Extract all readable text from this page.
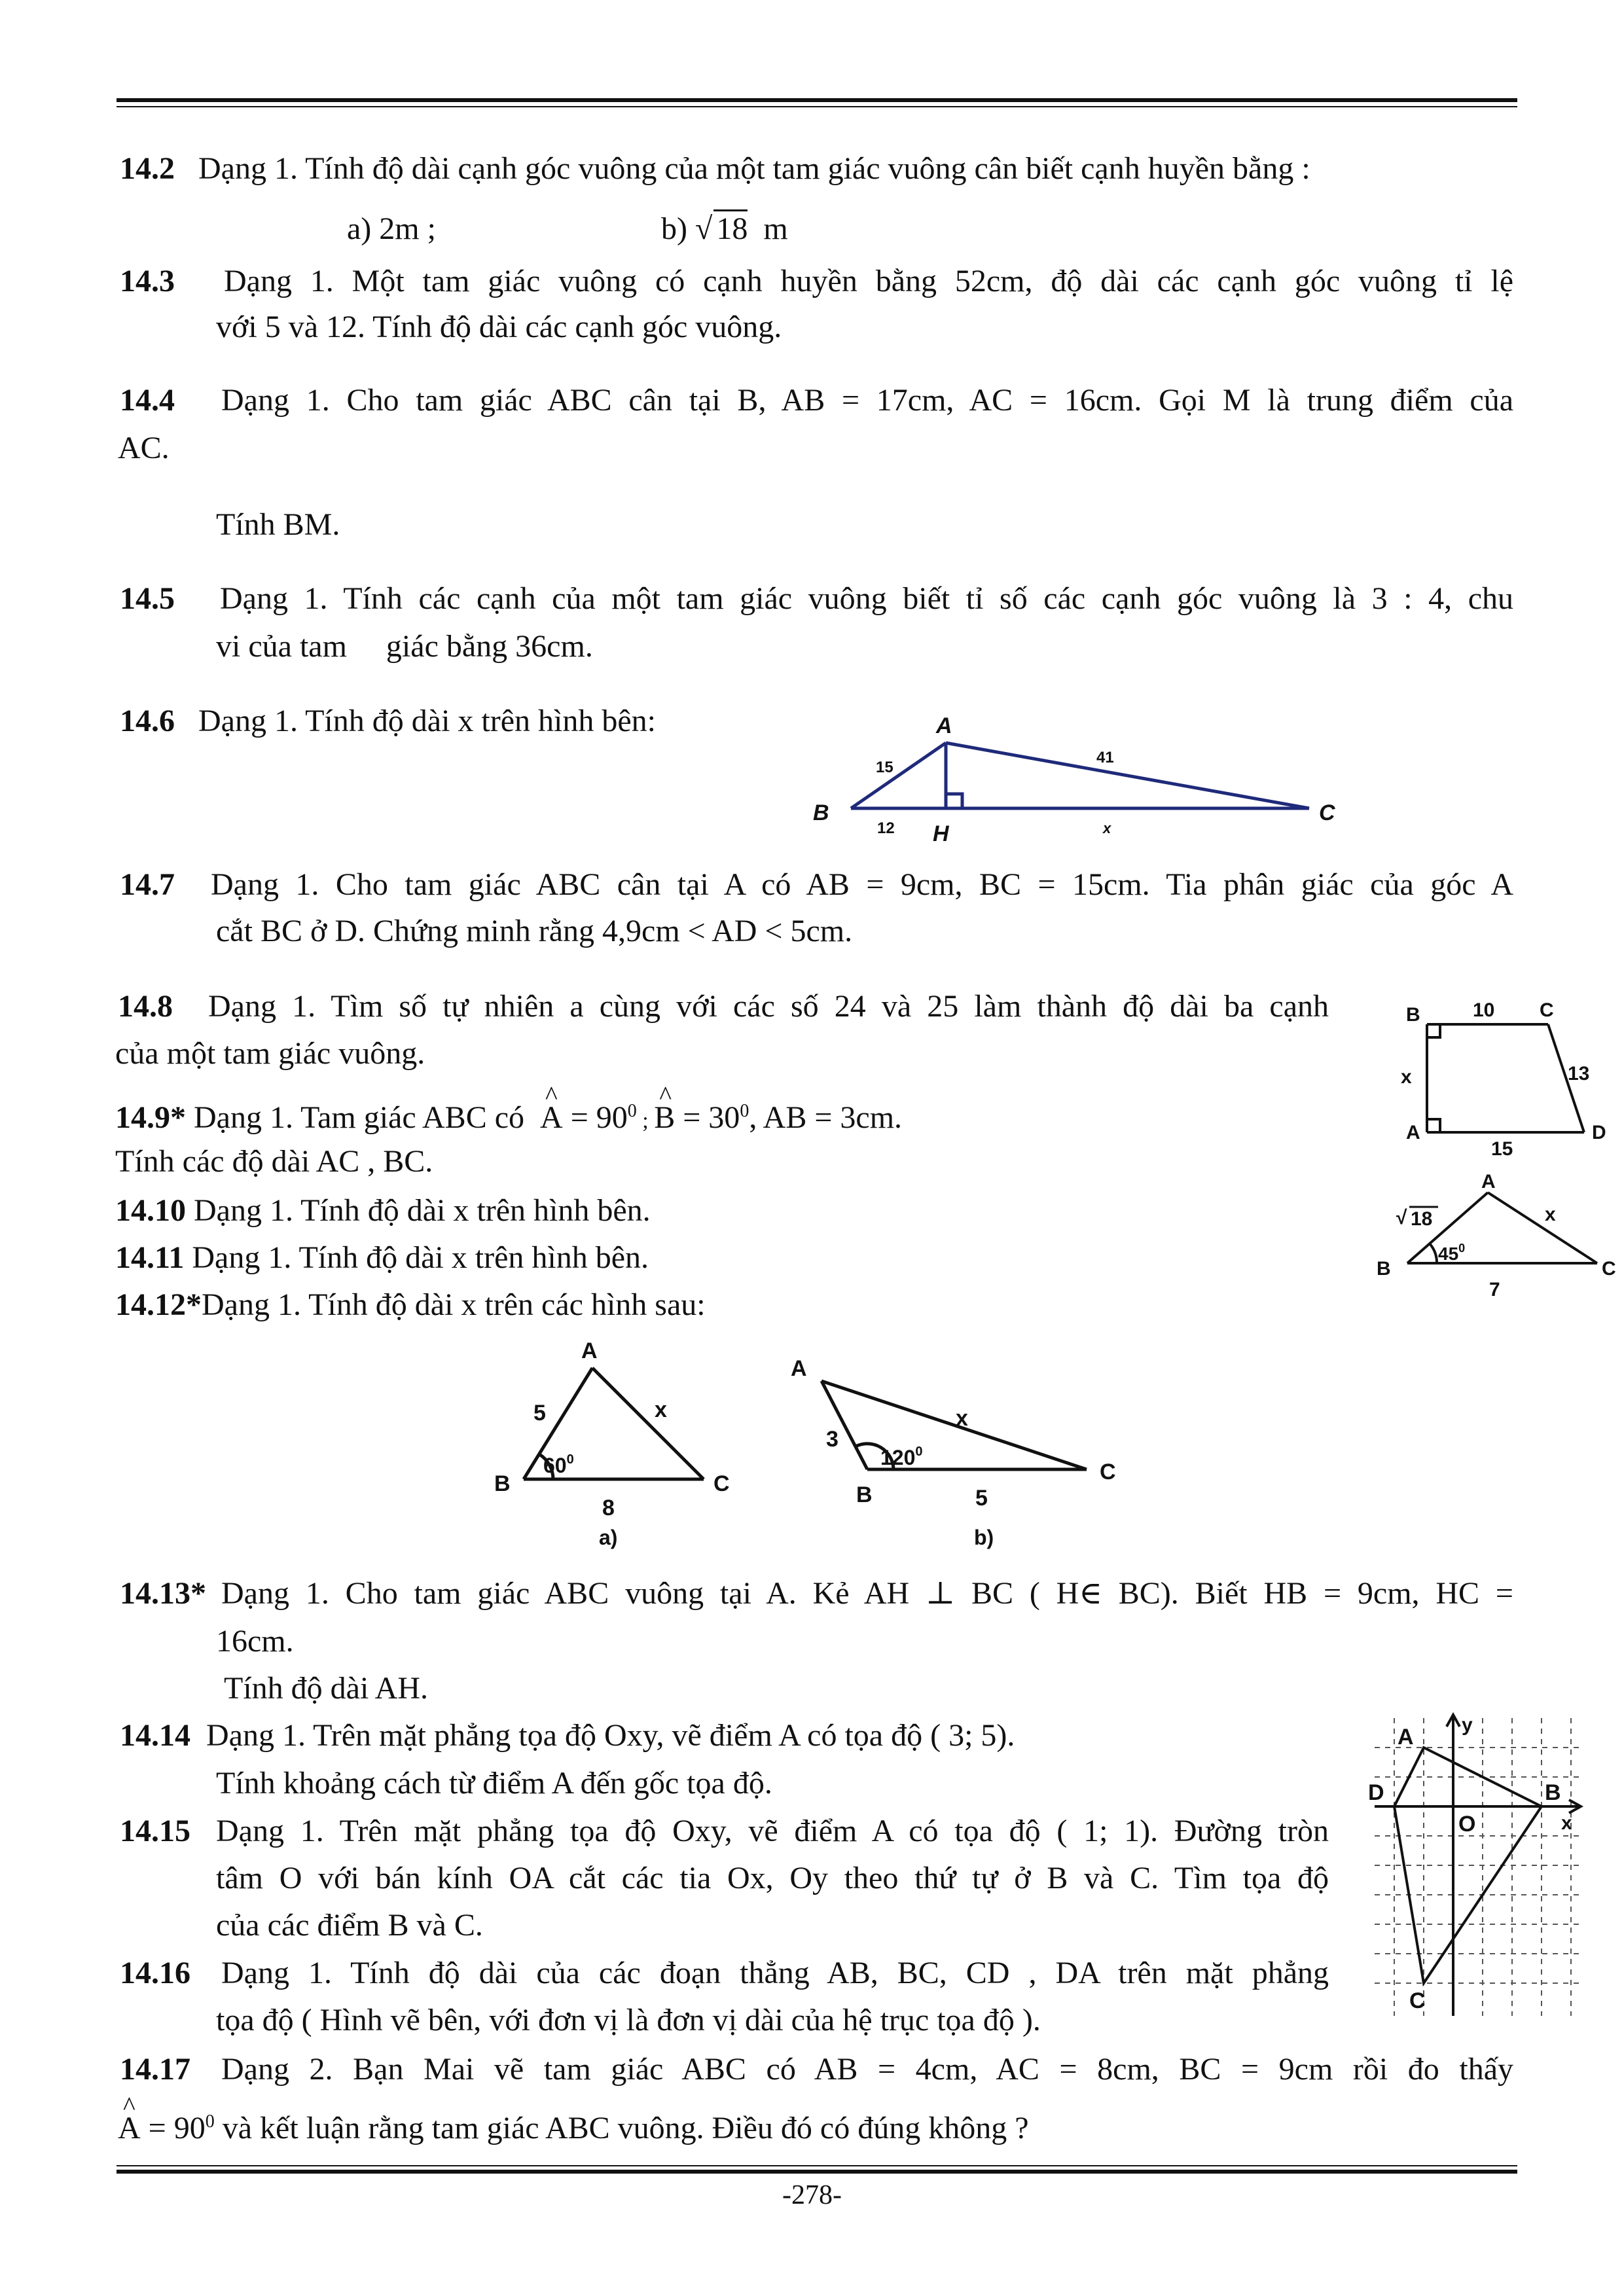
14.2 Dạng 1. Tính độ dài cạnh góc vuông của một tam giác vuông cân biết cạnh huyền bằng :
a) 2m ;	b) √ 18 m
14.3 Dạng 1. Một tam giác vuông có cạnh huyền bằng 52cm, độ dài các cạnh góc vuông tỉ lệ
với 5 và 12. Tính độ dài các cạnh góc vuông.
14.4 Dạng 1. Cho tam giác ABC cân tại B, AB = 17cm, AC = 16cm. Gọi M là trung điểm của
AC.
Tính BM.
14.5 Dạng 1. Tính các cạnh của một tam giác vuông biết tỉ số các cạnh góc vuông là 3 : 4, chu
vi của tam     giác bằng 36cm.
14.6 Dạng 1. Tính độ dài x trên hình bên:	A
B	C
H
15
41
12	x
14.7 Dạng 1. Cho tam giác ABC cân tại A có AB = 9cm, BC = 15cm. Tia phân giác của góc A
cắt BC ở D. Chứng minh rằng 4,9cm < AD < 5cm.
14.8 Dạng 1. Tìm số tự nhiên a cùng với các số 24 và 25 làm thành độ dài ba cạnh
của một tam giác vuông.
14.9* Dạng 1. Tam giác ABC có  ^ $A = 90^0$ ; ^ $B = 30^0$, AB = 3cm.
Tính các độ dài AC , BC.
14.10 Dạng 1. Tính độ dài x trên hình bên.
14.11 Dạng 1. Tính độ dài x trên hình bên.
14.12*Dạng 1. Tính độ dài x trên các hình sau:
B	C
A	D
10
x	13
15
A
B	C
√ 18	x
7
$45^0$
A
B	C
5	x
8
$60^0$
a)
A
B
C
3
x
5
$120^0$
b)
14.13* Dạng 1. Cho tam giác ABC vuông tại A. Kẻ AH ⊥ BC ( H∈ BC). Biết HB = 9cm, HC =
16cm.
Tính độ dài AH.
14.14 Dạng 1. Trên mặt phẳng tọa độ Oxy, vẽ điểm A có tọa độ ( 3; 5).
Tính khoảng cách từ điểm A đến gốc tọa độ.
14.15 Dạng 1. Trên mặt phẳng tọa độ Oxy, vẽ điểm A có tọa độ ( 1; 1). Đường tròn
tâm O với bán kính OA cắt các tia Ox, Oy theo thứ tự ở B và C. Tìm tọa độ
của các điểm B và C.
14.16 Dạng 1. Tính độ dài của các đoạn thẳng AB, BC, CD , DA trên mặt phẳng
tọa độ ( Hình vẽ bên, với đơn vị là đơn vị dài của hệ trục tọa độ ).
A y
D
O
B
x
C
14.17 Dạng 2. Bạn Mai vẽ tam giác ABC có AB = 4cm, AC = 8cm, BC = 9cm rồi đo thấy
^ $A = 90^0$ và kết luận rằng tam giác ABC vuông. Điều đó có đúng không ?
-278-
